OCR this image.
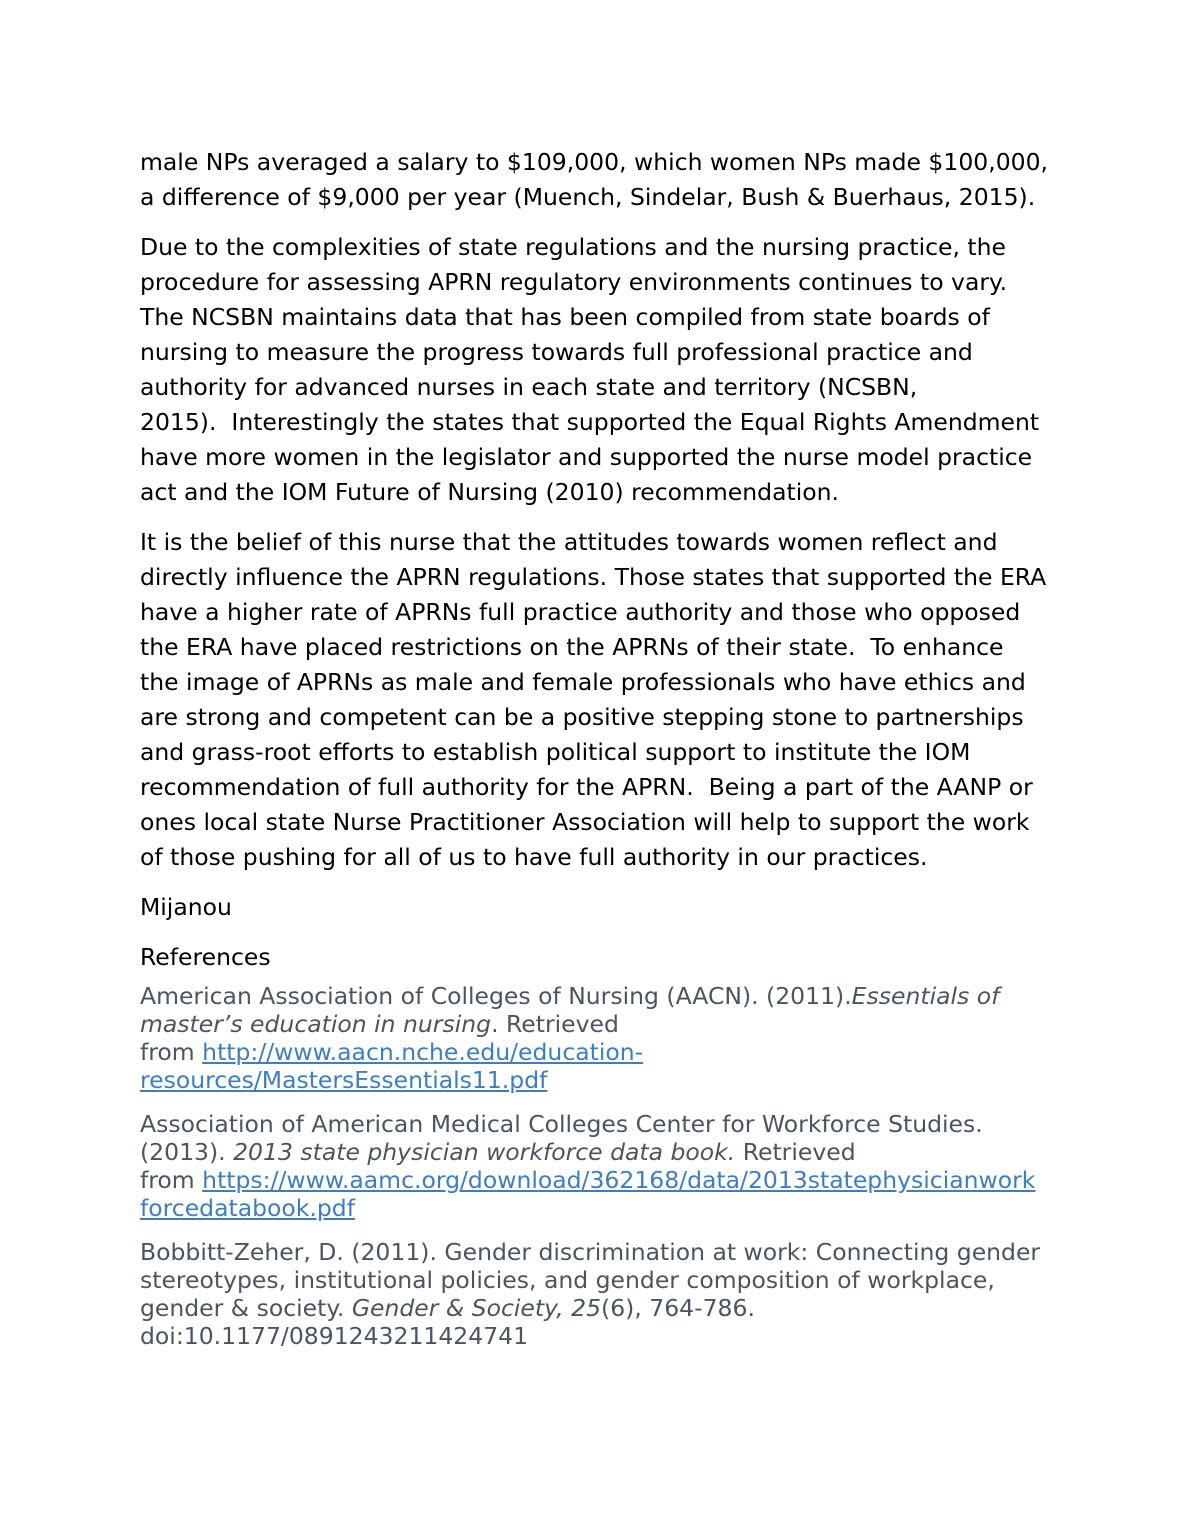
male NPs averaged a salary to $109,000, which women NPs made $100,000,
a difference of $9,000 per year (Muench, Sindelar, Bush & Buerhaus, 2015).

Due to the complexities of state regulations and the nursing practice, the
procedure for assessing APRN regulatory environments continues to vary.
The NCSBN maintains data that has been compiled from state boards of
nursing to measure the progress towards full professional practice and
authority for advanced nurses in each state and territory (NCSBN,
2015).  Interestingly the states that supported the Equal Rights Amendment
have more women in the legislator and supported the nurse model practice
act and the IOM Future of Nursing (2010) recommendation.

It is the belief of this nurse that the attitudes towards women reflect and
directly influence the APRN regulations. Those states that supported the ERA
have a higher rate of APRNs full practice authority and those who opposed
the ERA have placed restrictions on the APRNs of their state.  To enhance
the image of APRNs as male and female professionals who have ethics and
are strong and competent can be a positive stepping stone to partnerships
and grass-root efforts to establish political support to institute the IOM
recommendation of full authority for the APRN.  Being a part of the AANP or
ones local state Nurse Practitioner Association will help to support the work
of those pushing for all of us to have full authority in our practices.

Mijanou

References

American Association of Colleges of Nursing (AACN). (2011).Essentials of
master’s education in nursing. Retrieved
from http://www.aacn.nche.edu/education-
resources/MastersEssentials11.pdf
Association of American Medical Colleges Center for Workforce Studies.
(2013). 2013 state physician workforce data book. Retrieved
from https://www.aamc.org/download/362168/data/2013statephysicianwork
forcedatabook.pdf
Bobbitt-Zeher, D. (2011). Gender discrimination at work: Connecting gender
stereotypes, institutional policies, and gender composition of workplace,
gender & society. Gender & Society, 25(6), 764-786.
doi:10.1177/0891243211424741
